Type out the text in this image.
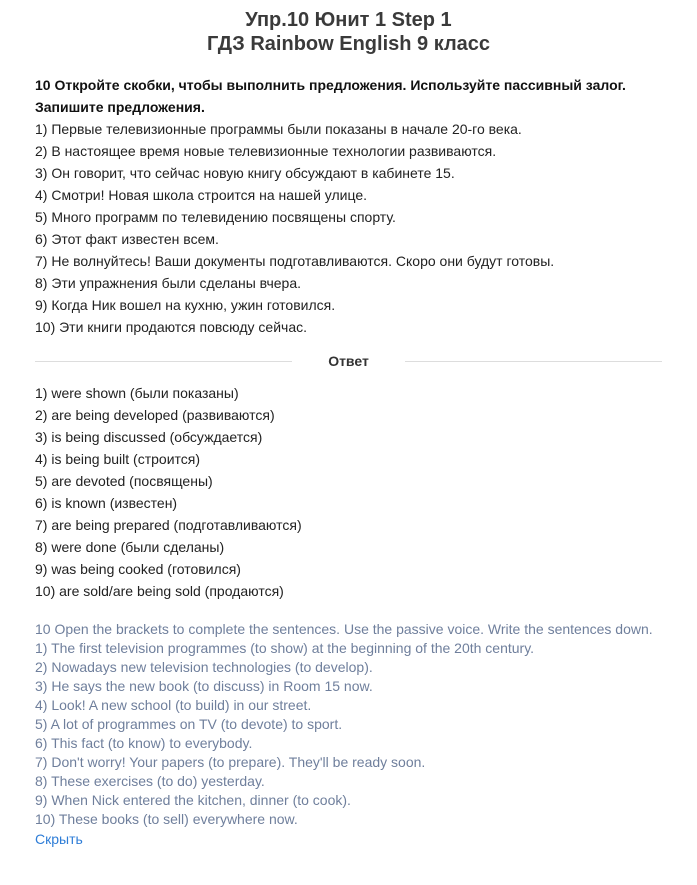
Упр.10 Юнит 1 Step 1
ГДЗ Rainbow English 9 класс
10 Откройте скобки, чтобы выполнить предложения. Используйте пассивный залог. Запишите предложения.
1) Первые телевизионные программы были показаны в начале 20-го века.
2) В настоящее время новые телевизионные технологии развиваются.
3) Он говорит, что сейчас новую книгу обсуждают в кабинете 15.
4) Смотри! Новая школа строится на нашей улице.
5) Много программ по телевидению посвящены спорту.
6) Этот факт известен всем.
7) Не волнуйтесь! Ваши документы подготавливаются. Скоро они будут готовы.
8) Эти упражнения были сделаны вчера.
9) Когда Ник вошел на кухню, ужин готовился.
10) Эти книги продаются повсюду сейчас.
Ответ
1) were shown (были показаны)
2) are being developed (развиваются)
3) is being discussed (обсуждается)
4) is being built (строится)
5) are devoted (посвящены)
6) is known (известен)
7) are being prepared (подготавливаются)
8) were done (были сделаны)
9) was being cooked (готовился)
10) are sold/are being sold (продаются)
10 Open the brackets to complete the sentences. Use the passive voice. Write the sentences down.
1) The first television programmes (to show) at the beginning of the 20th century.
2) Nowadays new television technologies (to develop).
3) He says the new book (to discuss) in Room 15 now.
4) Look! A new school (to build) in our street.
5) A lot of programmes on TV (to devote) to sport.
6) This fact (to know) to everybody.
7) Don't worry! Your papers (to prepare). They'll be ready soon.
8) These exercises (to do) yesterday.
9) When Nick entered the kitchen, dinner (to cook).
10) These books (to sell) everywhere now.
Скрыть
